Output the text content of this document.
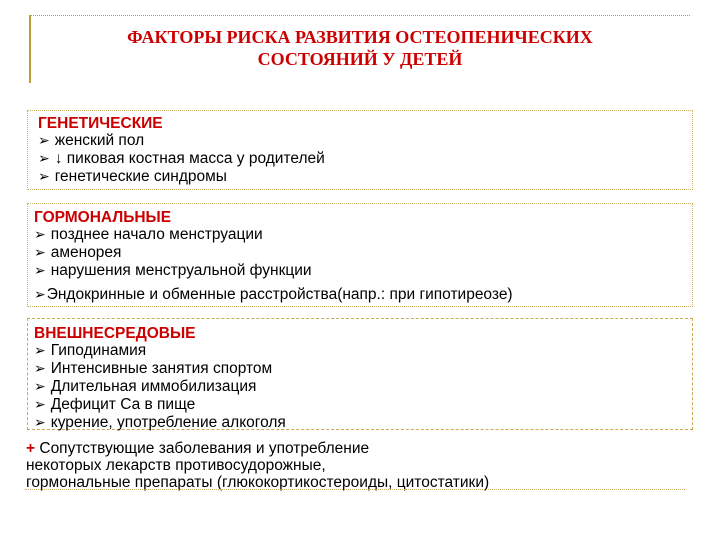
ФАКТОРЫ РИСКА РАЗВИТИЯ ОСТЕОПЕНИЧЕСКИХ
СОСТОЯНИЙ У ДЕТЕЙ
ГЕНЕТИЧЕСКИЕ
➢ женский пол
➢ ↓ пиковая костная масса у родителей
➢ генетические синдромы
ГОРМОНАЛЬНЫЕ
➢ позднее начало менструации
➢ аменорея
➢ нарушения менструальной функции
➢Эндокринные и обменные расстройства(напр.: при гипотиреозе)
ВНЕШНЕСРЕДОВЫЕ
➢ Гиподинамия
➢ Интенсивные занятия спортом
➢ Длительная иммобилизация
➢ Дефицит Са в пище
➢ курение, употребление алкоголя
+ Сопутствующие заболевания и употребление
некоторых лекарств противосудорожные,
гормональные препараты (глюкокортикостероиды, цитостатики)
